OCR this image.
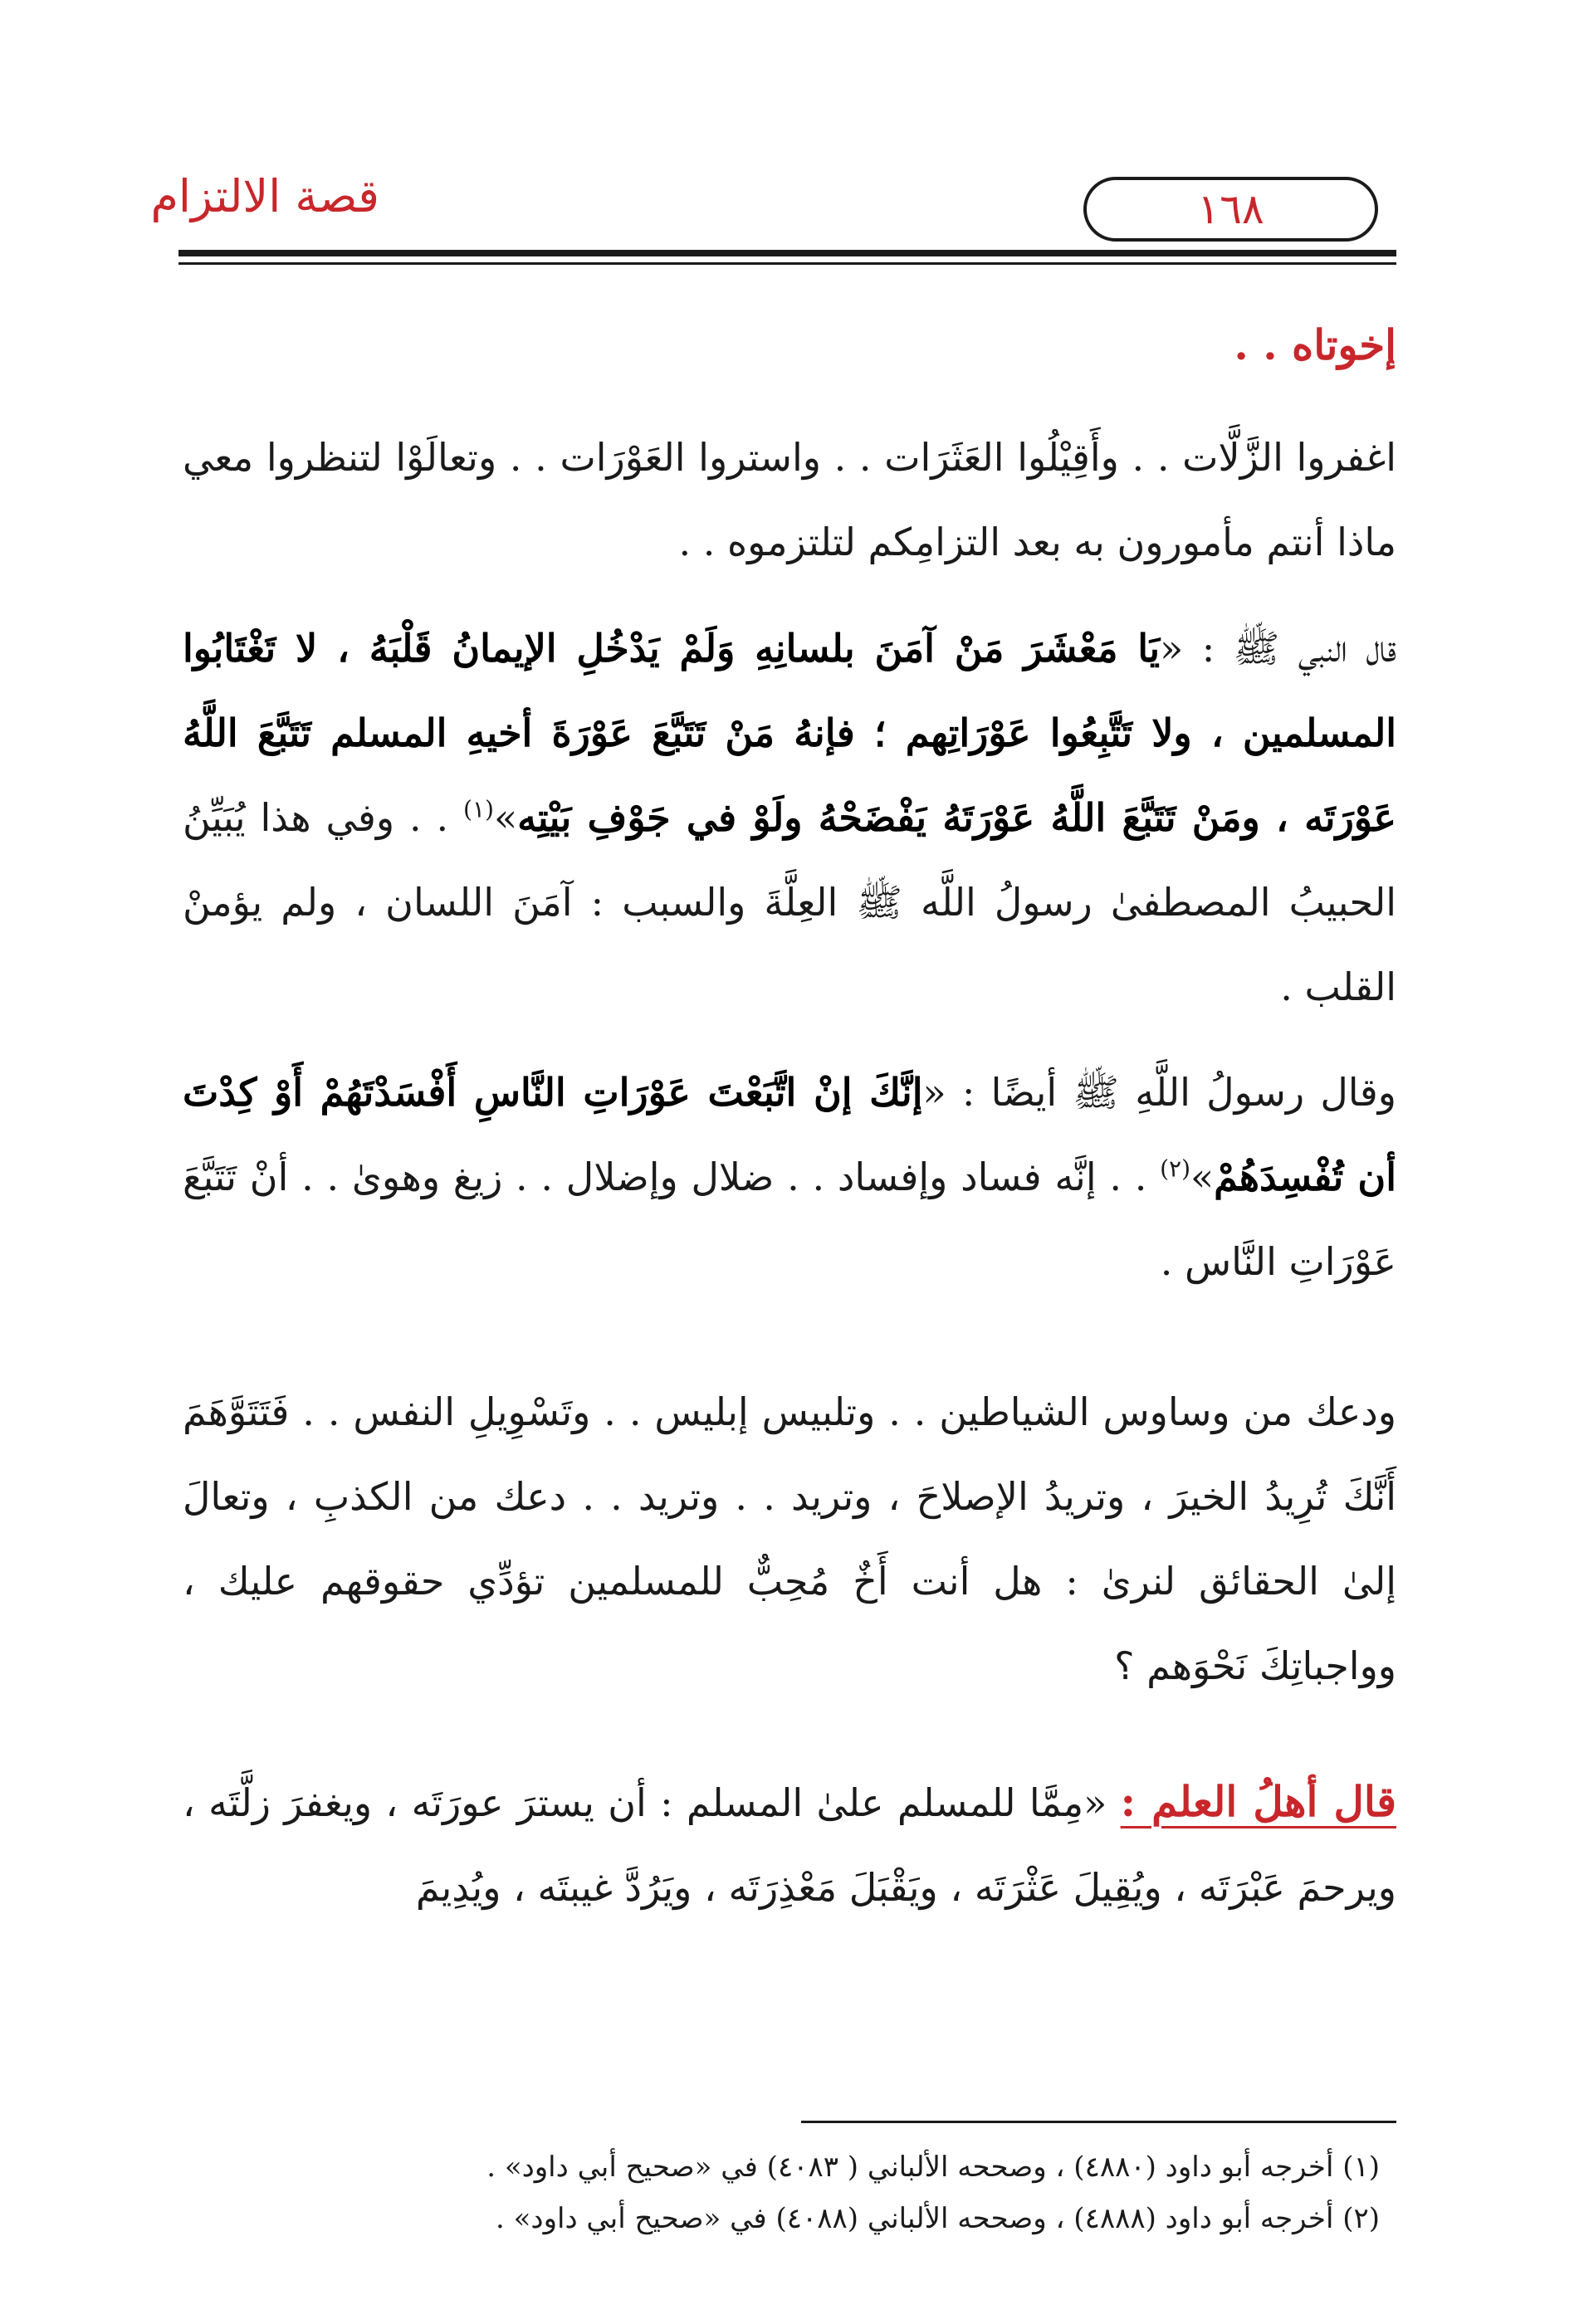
قصة الالتزام	١٦٨
إخوتاه . .
اغفروا الزَّلَّات . . وأَقِيْلُوا العَثَرَات . . واستروا العَوْرَات . . وتعالَوْا لتنظروا معي ماذا أنتم مأمورون به بعد التزامِكم لتلتزموه . .
قال النبي ﷺ : «يَا مَعْشَرَ مَنْ آمَنَ بلسانِهِ وَلَمْ يَدْخُلِ الإيمانُ قَلْبَهُ ، لا تَغْتَابُوا المسلمين ، ولا تَتَّبِعُوا عَوْرَاتِهم ؛ فإنهُ مَنْ تَتَبَّعَ عَوْرَةَ أخيهِ المسلم تَتَبَّعَ اللَّهُ عَوْرَتَه ، ومَنْ تَتَبَّعَ اللَّهُ عَوْرَتَهُ يَفْضَحْهُ ولَوْ في جَوْفِ بَيْتِه»$^{(١)}$ . . وفي هذا يُبَيِّنُ الحبيبُ المصطفىٰ رسولُ اللَّه ﷺ العِلَّةَ والسبب : آمَنَ اللسان ، ولم يؤمنْ القلب .
وقال رسولُ اللَّهِ ﷺ أيضًا : «إنَّكَ إنْ اتَّبَعْتَ عَوْرَاتِ النَّاسِ أَفْسَدْتَهُمْ أَوْ كِدْتَ أن تُفْسِدَهُمْ»$^{(٢)}$ . . إنَّه فساد وإفساد . . ضلال وإضلال . . زيغ وهوىٰ . . أنْ تَتَبَّعَ عَوْرَاتِ النَّاس .
ودعك من وساوس الشياطين . . وتلبيس إبليس . . وتَسْوِيلِ النفس . . فَتَتَوَّهَمَ أَنَّكَ تُرِيدُ الخيرَ ، وتريدُ الإصلاحَ ، وتريد . . وتريد . . دعك من الكذبِ ، وتعالَ إلىٰ الحقائق لنرىٰ : هل أنت أَخٌ مُحِبٌّ للمسلمين تؤدِّي حقوقهم عليك ، وواجباتِكَ نَحْوَهم ؟
قال أهلُ العلم : «مِمَّا للمسلم علىٰ المسلم : أن يسترَ عورَتَه ، ويغفرَ زلَّتَه ، ويرحمَ عَبْرَتَه ، ويُقِيلَ عَثْرَتَه ، ويَقْبَلَ مَعْذِرَتَه ، ويَرُدَّ غيبتَه ، ويُدِيمَ
(١) أخرجه أبو داود (٤٨٨٠) ، وصححه الألباني ( ٤٠٨٣) في «صحيح أبي داود» .
(٢) أخرجه أبو داود (٤٨٨٨) ، وصححه الألباني (٤٠٨٨) في «صحيح أبي داود» .
